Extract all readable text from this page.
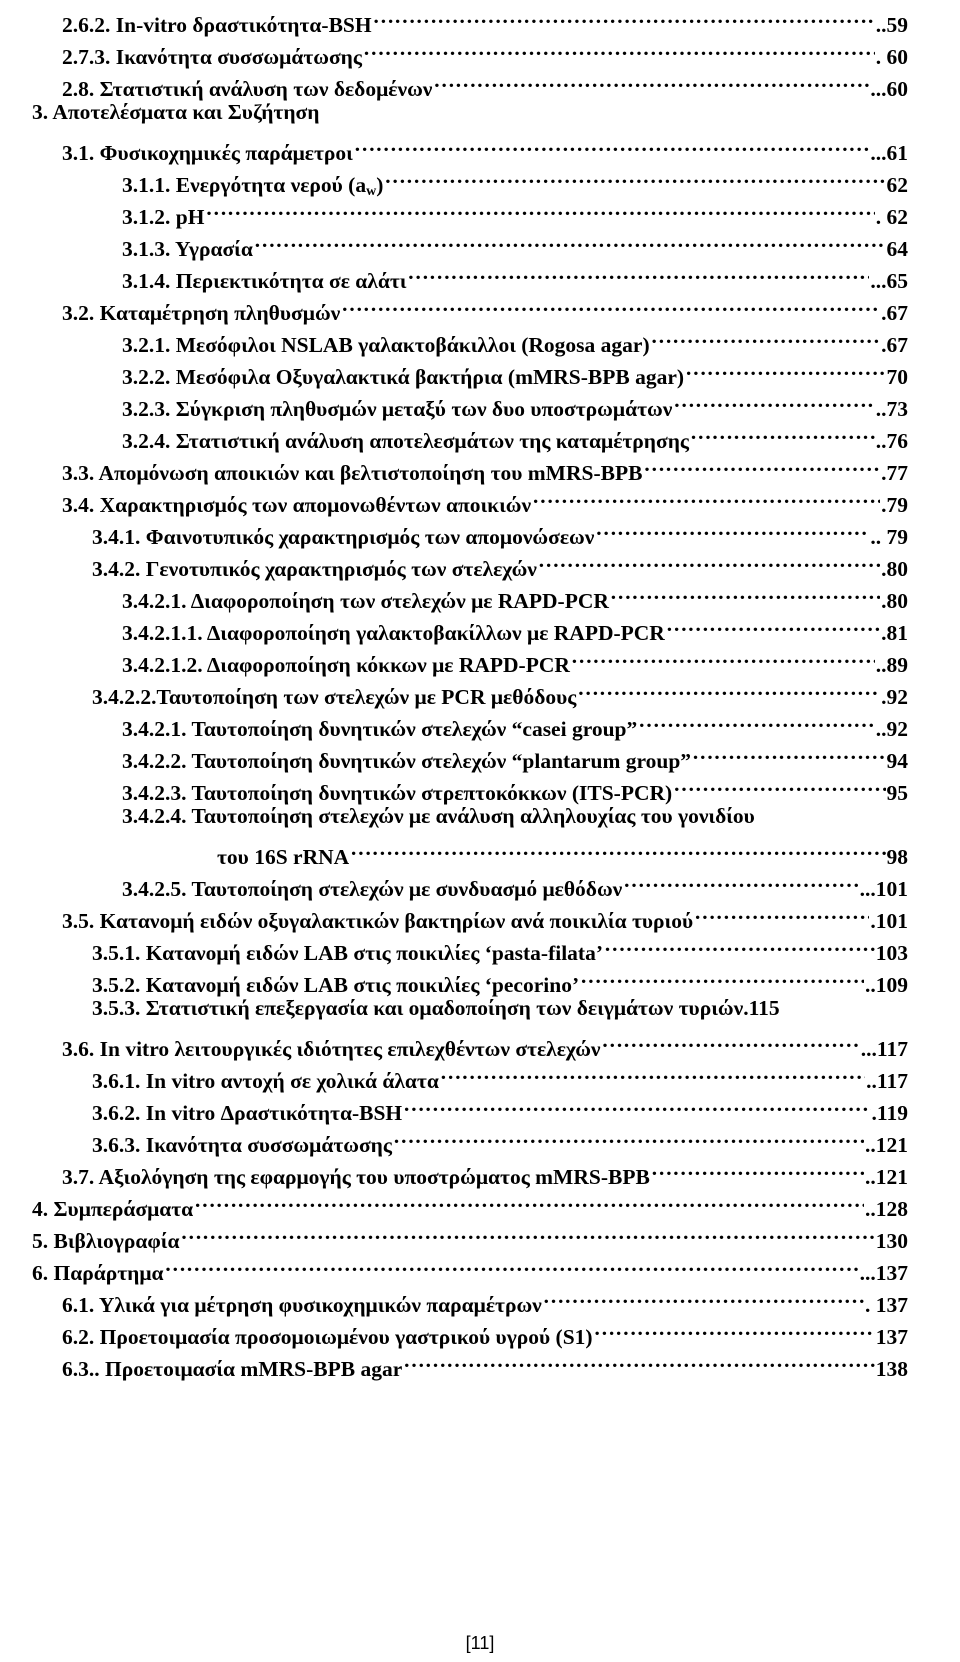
2.6.2. In-vitro δραστικότητα-BSH ……………………………………………………………………………………………………………………………………………………………………………………………………………………………………	..59
2.7.3. Ικανότητα συσσωμάτωσης ……………………………………………………………………………………………………………………………………………………………………………………………………………………………………	. 60
2.8. Στατιστική ανάλυση των δεδομένων ……………………………………………………………………………………………………………………………………………………………………………………………………………………………………	...60
3. Αποτελέσματα και Συζήτηση
3.1. Φυσικοχημικές παράμετροι ……………………………………………………………………………………………………………………………………………………………………………………………………………………………………	...61
3.1.1. Ενεργότητα νερού $(a_w)$ ……………………………………………………………………………………………………………………………………………………………………………………………………………………………………	62
3.1.2. pH ……………………………………………………………………………………………………………………………………………………………………………………………………………………………………	. 62
3.1.3. Υγρασία ……………………………………………………………………………………………………………………………………………………………………………………………………………………………………	64
3.1.4. Περιεκτικότητα σε αλάτι ……………………………………………………………………………………………………………………………………………………………………………………………………………………………………	...65
3.2. Καταμέτρηση πληθυσμών ……………………………………………………………………………………………………………………………………………………………………………………………………………………………………	.67
3.2.1. Μεσόφιλοι NSLAB γαλακτοβάκιλλοι (Rogosa agar) ……………………………………………………………………………………………………………………………………………………………………………………………………………………………………	.67
3.2.2. Μεσόφιλα Οξυγαλακτικά βακτήρια (mMRS-BPB agar) ……………………………………………………………………………………………………………………………………………………………………………………………………………………………………	70
3.2.3. Σύγκριση πληθυσμών μεταξύ των δυο υποστρωμάτων ……………………………………………………………………………………………………………………………………………………………………………………………………………………………………	..73
3.2.4. Στατιστική ανάλυση αποτελεσμάτων της καταμέτρησης ……………………………………………………………………………………………………………………………………………………………………………………………………………………………………	..76
3.3. Απομόνωση αποικιών και βελτιστοποίηση του mMRS-BPB ……………………………………………………………………………………………………………………………………………………………………………………………………………………………………	.77
3.4. Χαρακτηρισμός των απομονωθέντων αποικιών ……………………………………………………………………………………………………………………………………………………………………………………………………………………………………	.79
3.4.1. Φαινοτυπικός χαρακτηρισμός των απομονώσεων ……………………………………………………………………………………………………………………………………………………………………………………………………………………………………	.. 79
3.4.2. Γενοτυπικός χαρακτηρισμός των στελεχών ……………………………………………………………………………………………………………………………………………………………………………………………………………………………………	.80
3.4.2.1. Διαφοροποίηση των στελεχών με RAPD-PCR ……………………………………………………………………………………………………………………………………………………………………………………………………………………………………	.80
3.4.2.1.1. Διαφοροποίηση γαλακτοβακίλλων με RAPD-PCR ……………………………………………………………………………………………………………………………………………………………………………………………………………………………………	.81
3.4.2.1.2. Διαφοροποίηση κόκκων με RAPD-PCR ……………………………………………………………………………………………………………………………………………………………………………………………………………………………………	..89
3.4.2.2.Ταυτοποίηση των στελεχών με PCR μεθόδους ……………………………………………………………………………………………………………………………………………………………………………………………………………………………………	.92
3.4.2.1. Ταυτοποίηση δυνητικών στελεχών “casei group” ……………………………………………………………………………………………………………………………………………………………………………………………………………………………………	..92
3.4.2.2. Ταυτοποίηση δυνητικών στελεχών “plantarum group” ……………………………………………………………………………………………………………………………………………………………………………………………………………………………………	94
3.4.2.3. Ταυτοποίηση δυνητικών στρεπτοκόκκων (ITS-PCR) ……………………………………………………………………………………………………………………………………………………………………………………………………………………………………	95
3.4.2.4. Ταυτοποίηση στελεχών με ανάλυση αλληλουχίας του γονιδίου
του 16S rRNA ……………………………………………………………………………………………………………………………………………………………………………………………………………………………………	98
3.4.2.5. Ταυτοποίηση στελεχών με συνδυασμό μεθόδων ……………………………………………………………………………………………………………………………………………………………………………………………………………………………………	...101
3.5. Κατανομή ειδών οξυγαλακτικών βακτηρίων ανά ποικιλία τυριού ……………………………………………………………………………………………………………………………………………………………………………………………………………………………………	.101
3.5.1. Κατανομή ειδών LAB στις ποικιλίες ‘pasta-filata’ ……………………………………………………………………………………………………………………………………………………………………………………………………………………………………	103
3.5.2. Κατανομή ειδών LAB στις ποικιλίες ‘pecorino’ ……………………………………………………………………………………………………………………………………………………………………………………………………………………………………	..109
3.5.3. Στατιστική επεξεργασία και ομαδοποίηση των δειγμάτων τυριών.115
3.6. In vitro λειτουργικές ιδιότητες επιλεχθέντων στελεχών ……………………………………………………………………………………………………………………………………………………………………………………………………………………………………	...117
3.6.1. In vitro αντοχή σε χολικά άλατα ……………………………………………………………………………………………………………………………………………………………………………………………………………………………………	..117
3.6.2. In vitro Δραστικότητα-BSH ……………………………………………………………………………………………………………………………………………………………………………………………………………………………………	.119
3.6.3. Ικανότητα συσσωμάτωσης ……………………………………………………………………………………………………………………………………………………………………………………………………………………………………	..121
3.7. Αξιολόγηση της εφαρμογής του υποστρώματος mMRS-BPB ……………………………………………………………………………………………………………………………………………………………………………………………………………………………………	..121
4. Συμπεράσματα ……………………………………………………………………………………………………………………………………………………………………………………………………………………………………	..128
5. Βιβλιογραφία ……………………………………………………………………………………………………………………………………………………………………………………………………………………………………	130
6. Παράρτημα ……………………………………………………………………………………………………………………………………………………………………………………………………………………………………	...137
6.1. Υλικά για μέτρηση φυσικοχημικών παραμέτρων ……………………………………………………………………………………………………………………………………………………………………………………………………………………………………	. 137
6.2. Προετοιμασία προσομοιωμένου γαστρικού υγρού (S1) ……………………………………………………………………………………………………………………………………………………………………………………………………………………………………	137
6.3.. Προετοιμασία mMRS-BPB agar ……………………………………………………………………………………………………………………………………………………………………………………………………………………………………	138
[11]
